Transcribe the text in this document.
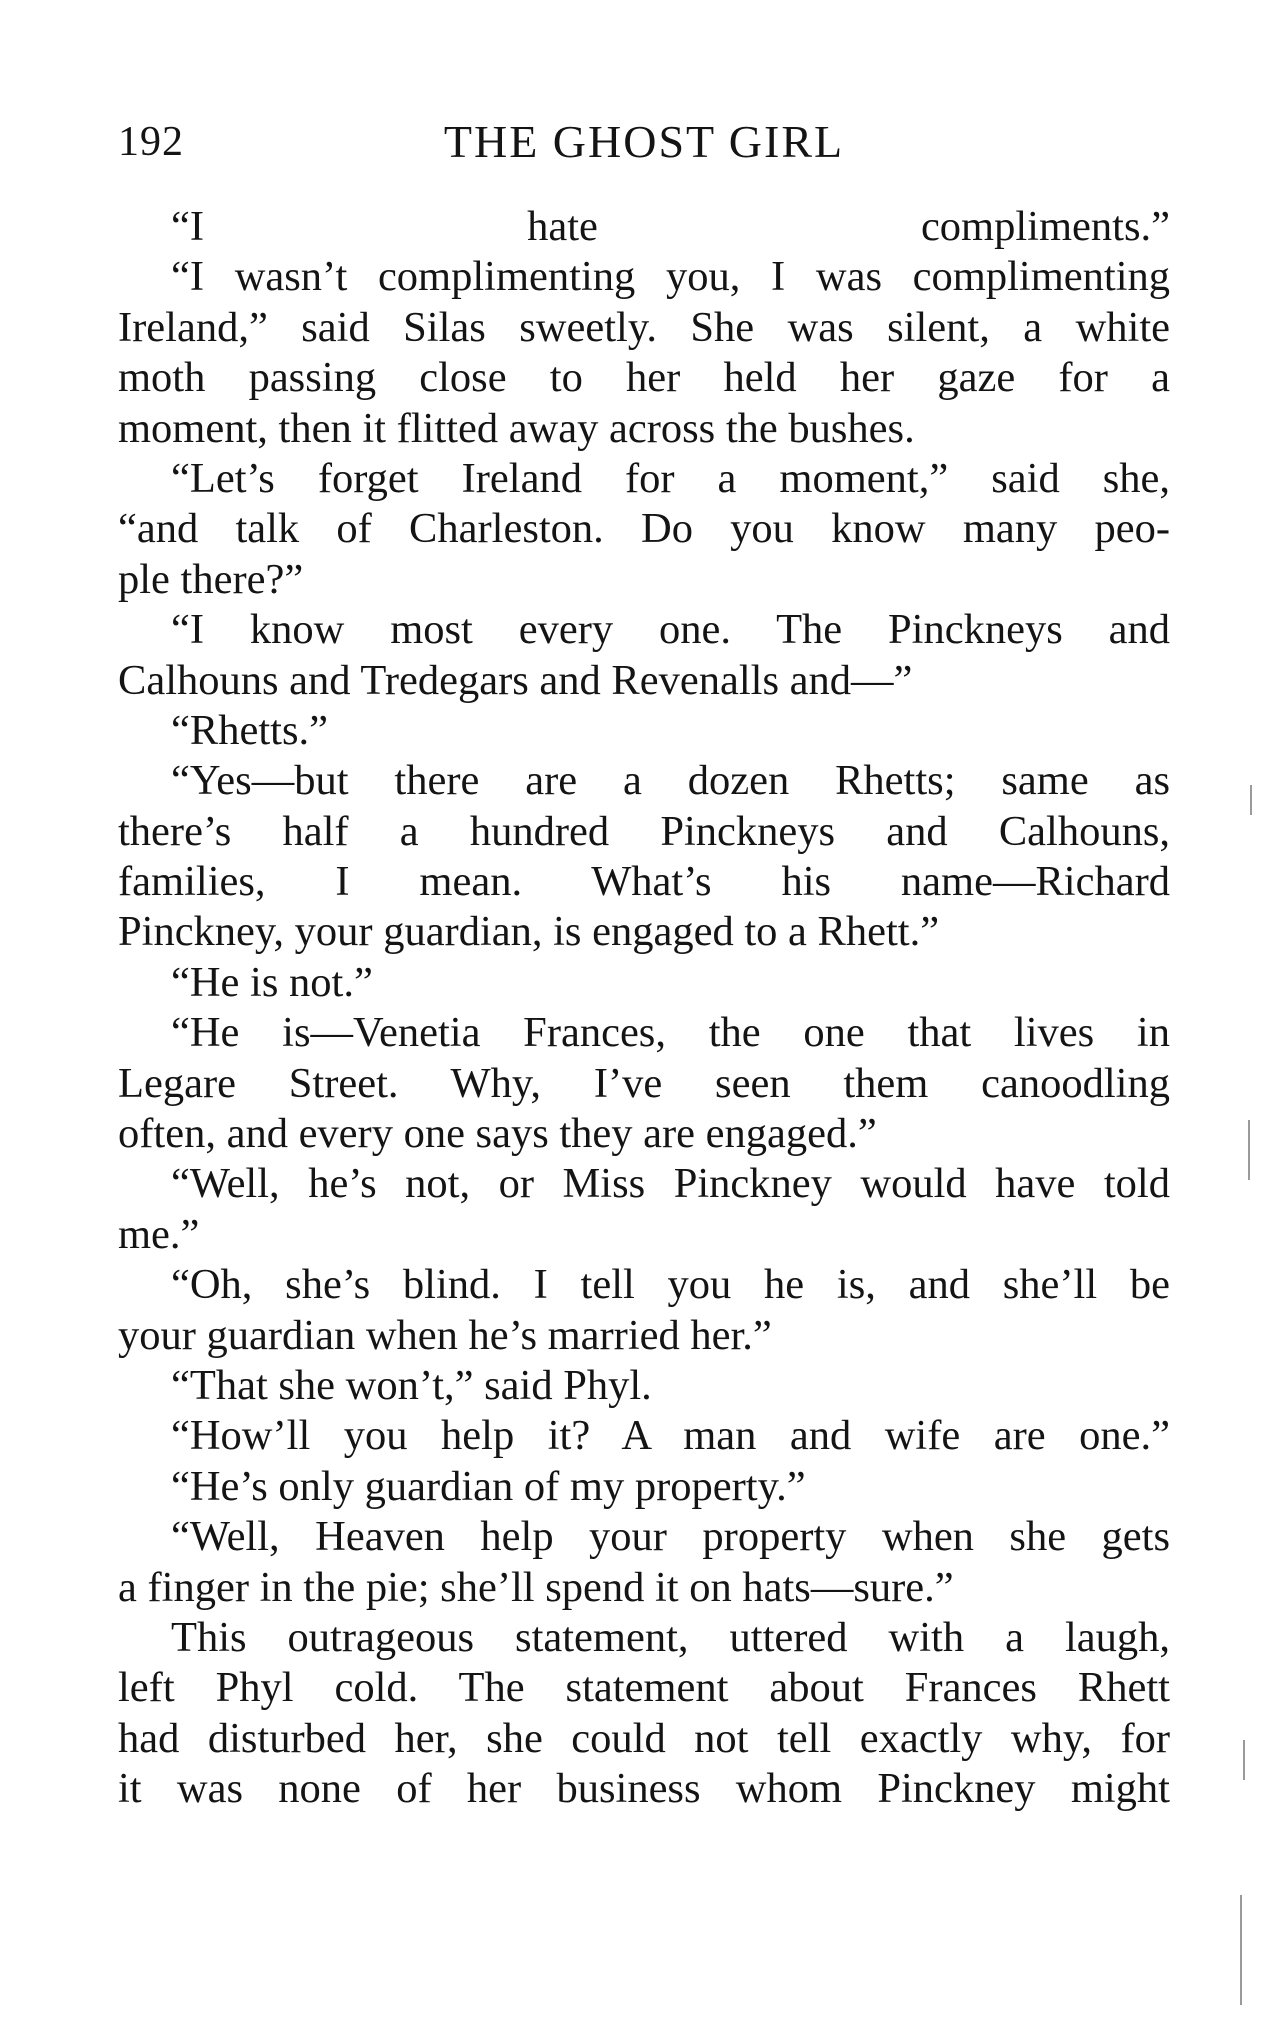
192	THE GHOST GIRL
“I hate compliments.”
“I wasn’t complimenting you, I was complimenting
Ireland,” said Silas sweetly. She was silent, a white
moth passing close to her held her gaze for a
moment, then it flitted away across the bushes.
“Let’s forget Ireland for a moment,” said she,
“and talk of Charleston. Do you know many peo-
ple there?”
“I know most every one. The Pinckneys and
Calhouns and Tredegars and Revenalls and—”
“Rhetts.”
“Yes—but there are a dozen Rhetts; same as
there’s half a hundred Pinckneys and Calhouns,
families, I mean. What’s his name—Richard
Pinckney, your guardian, is engaged to a Rhett.”
“He is not.”
“He is—Venetia Frances, the one that lives in
Legare Street. Why, I’ve seen them canoodling
often, and every one says they are engaged.”
“Well, he’s not, or Miss Pinckney would have told
me.”
“Oh, she’s blind. I tell you he is, and she’ll be
your guardian when he’s married her.”
“That she won’t,” said Phyl.
“How’ll you help it? A man and wife are one.”
“He’s only guardian of my property.”
“Well, Heaven help your property when she gets
a finger in the pie; she’ll spend it on hats—sure.”
This outrageous statement, uttered with a laugh,
left Phyl cold. The statement about Frances Rhett
had disturbed her, she could not tell exactly why, for
it was none of her business whom Pinckney might
